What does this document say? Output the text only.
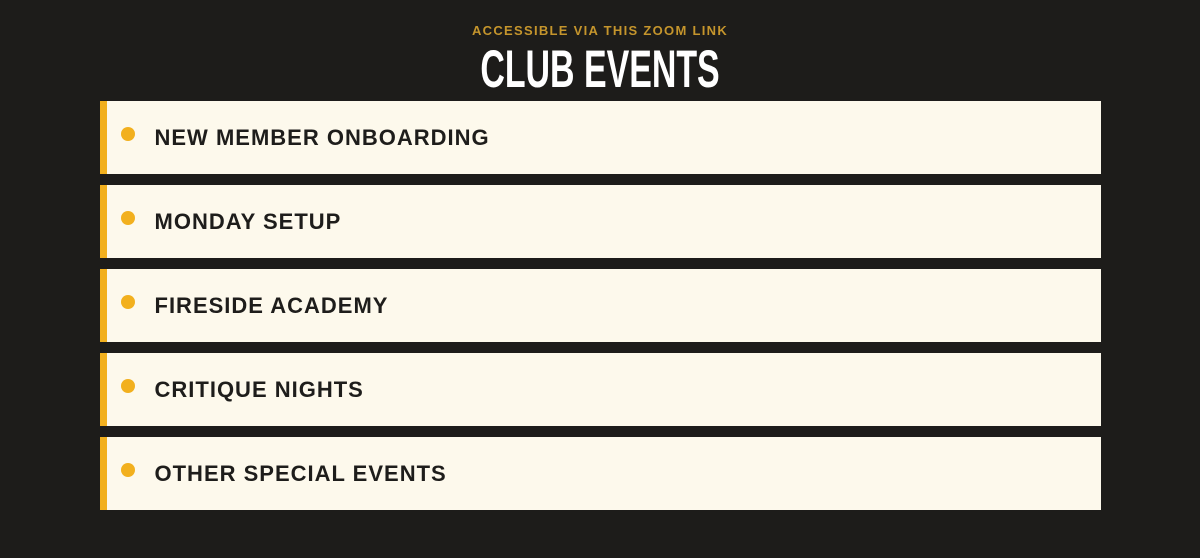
ACCESSIBLE VIA THIS ZOOM LINK
CLUB EVENTS
NEW MEMBER ONBOARDING
MONDAY SETUP
FIRESIDE ACADEMY
CRITIQUE NIGHTS
OTHER SPECIAL EVENTS
